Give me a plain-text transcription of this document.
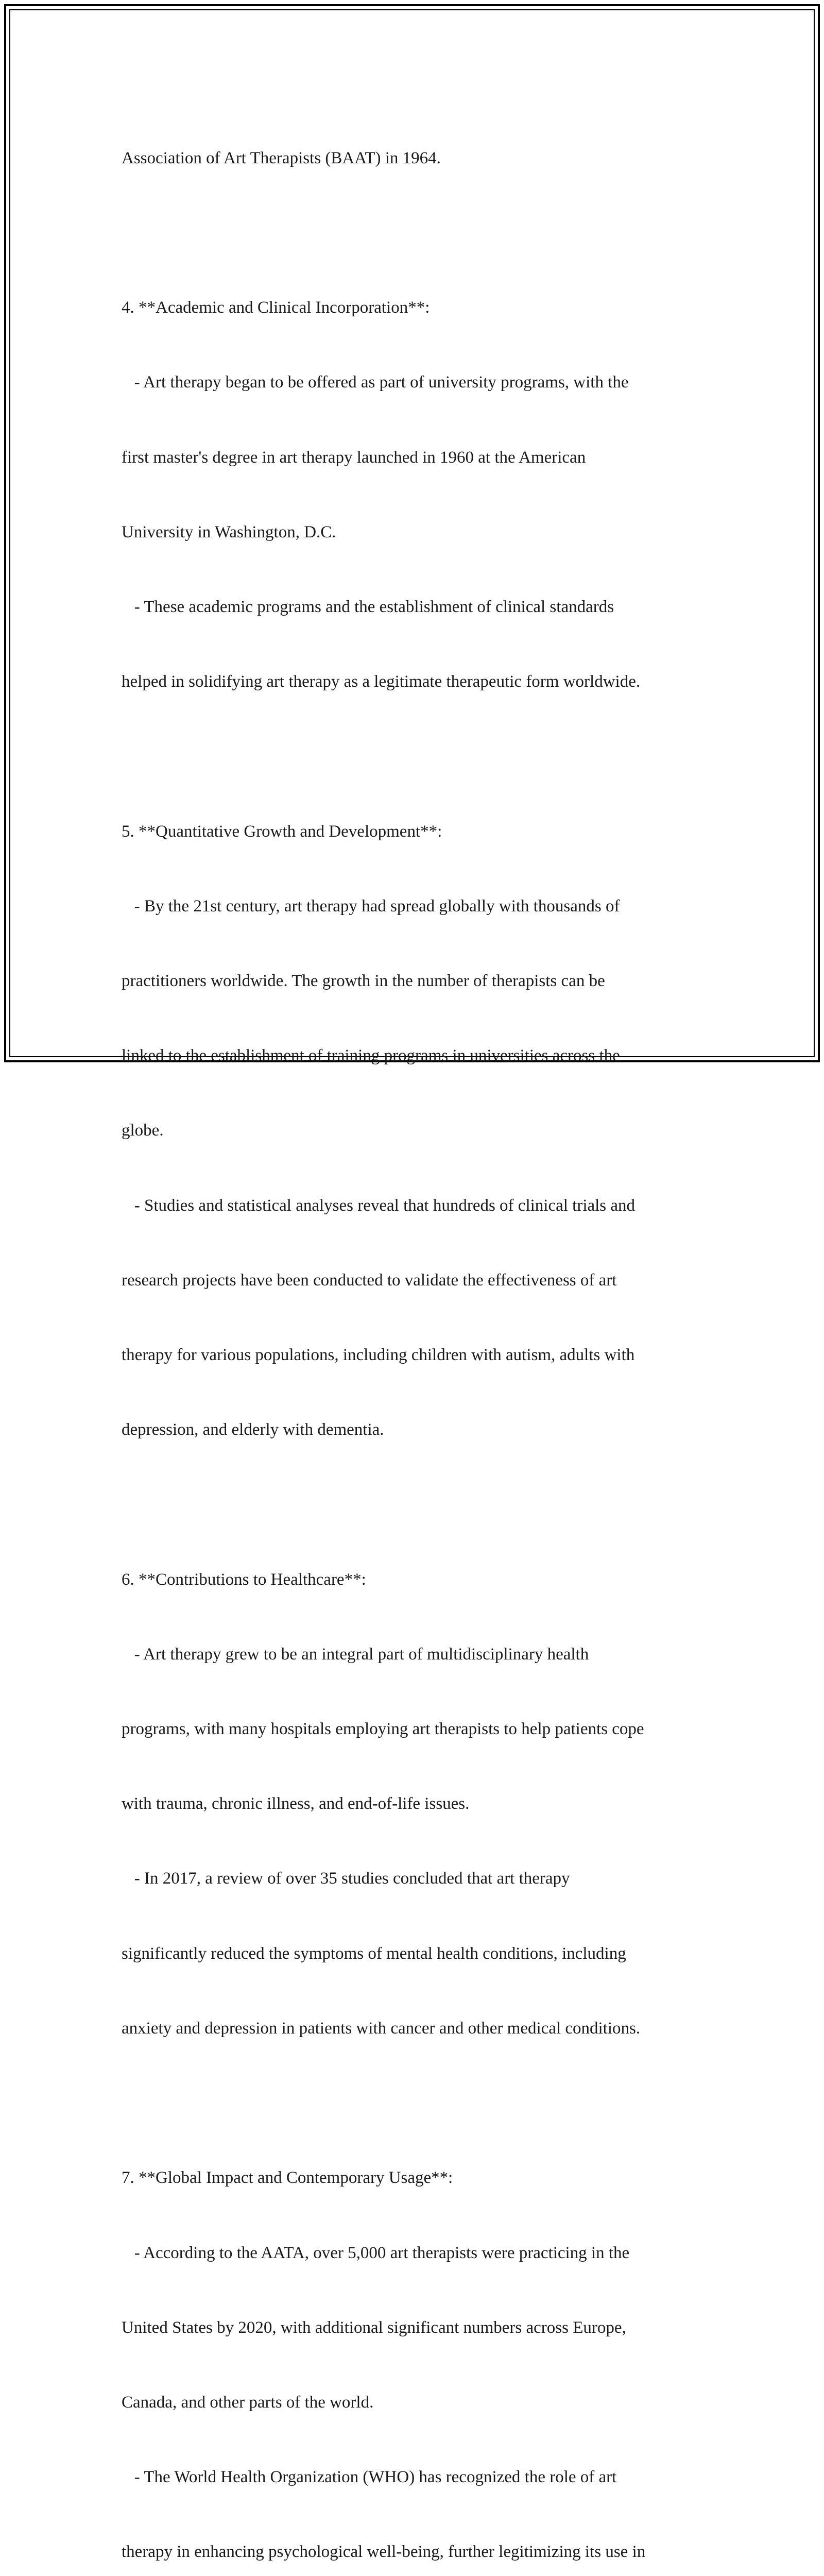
Association of Art Therapists (BAAT) in 1964.

4. **Academic and Clinical Incorporation**:

- Art therapy began to be offered as part of university programs, with the

first master's degree in art therapy launched in 1960 at the American

University in Washington, D.C.

- These academic programs and the establishment of clinical standards

helped in solidifying art therapy as a legitimate therapeutic form worldwide.

5. **Quantitative Growth and Development**:

- By the 21st century, art therapy had spread globally with thousands of

practitioners worldwide. The growth in the number of therapists can be

linked to the establishment of training programs in universities across the

globe.

- Studies and statistical analyses reveal that hundreds of clinical trials and

research projects have been conducted to validate the effectiveness of art

therapy for various populations, including children with autism, adults with

depression, and elderly with dementia.

6. **Contributions to Healthcare**:

- Art therapy grew to be an integral part of multidisciplinary health

programs, with many hospitals employing art therapists to help patients cope

with trauma, chronic illness, and end-of-life issues.

- In 2017, a review of over 35 studies concluded that art therapy

significantly reduced the symptoms of mental health conditions, including

anxiety and depression in patients with cancer and other medical conditions.

7. **Global Impact and Contemporary Usage**:

- According to the AATA, over 5,000 art therapists were practicing in the

United States by 2020, with additional significant numbers across Europe,

Canada, and other parts of the world.

- The World Health Organization (WHO) has recognized the role of art

therapy in enhancing psychological well-being, further legitimizing its use in
